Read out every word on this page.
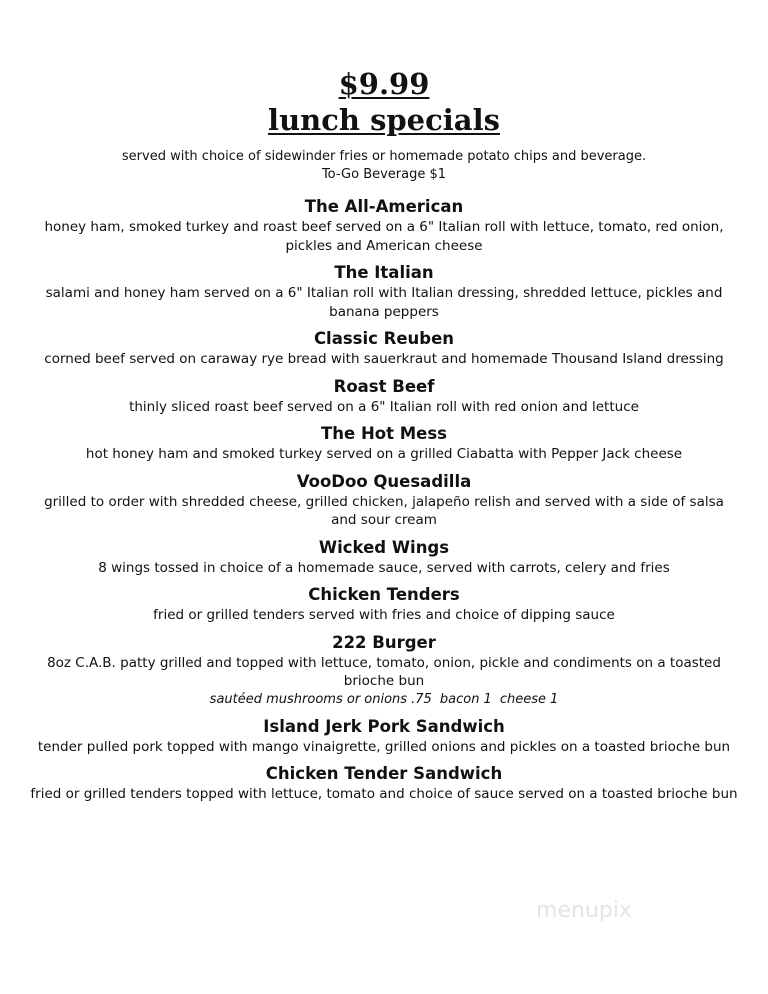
$9.99
lunch specials
served with choice of sidewinder fries or homemade potato chips and beverage.
To-Go Beverage $1
The All-American
honey ham, smoked turkey and roast beef served on a 6" Italian roll with lettuce, tomato, red onion, pickles and American cheese
The Italian
salami and honey ham served on a 6" Italian roll with Italian dressing, shredded lettuce, pickles and banana peppers
Classic Reuben
corned beef served on caraway rye bread with sauerkraut and homemade Thousand Island dressing
Roast Beef
thinly sliced roast beef served on a 6" Italian roll with red onion and lettuce
The Hot Mess
hot honey ham and smoked turkey served on a grilled Ciabatta with Pepper Jack cheese
VooDoo Quesadilla
grilled to order with shredded cheese, grilled chicken, jalapeño relish and served with a side of salsa and sour cream
Wicked Wings
8 wings tossed in choice of a homemade sauce, served with carrots, celery and fries
Chicken Tenders
fried or grilled tenders served with fries and choice of dipping sauce
222 Burger
8oz C.A.B. patty grilled and topped with lettuce, tomato, onion, pickle and condiments on a toasted brioche bun
sautéed mushrooms or onions .75 bacon 1 cheese 1
Island Jerk Pork Sandwich
tender pulled pork topped with mango vinaigrette, grilled onions and pickles on a toasted brioche bun
Chicken Tender Sandwich
fried or grilled tenders topped with lettuce, tomato and choice of sauce served on a toasted brioche bun
menupix
